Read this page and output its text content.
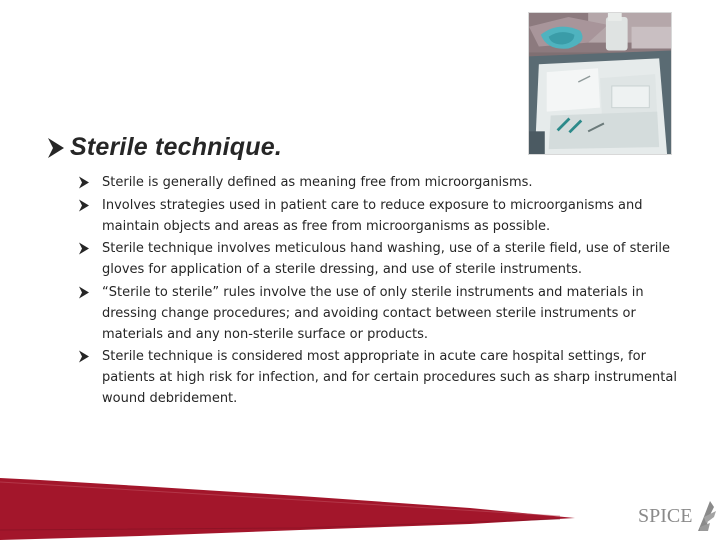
Sterile technique.
Sterile is generally defined as meaning free from microorganisms.
Involves strategies used in patient care to reduce exposure to microorganisms and maintain objects and areas as free from microorganisms as possible.
Sterile technique involves meticulous hand washing, use of a sterile field, use of sterile gloves for application of a sterile dressing, and use of sterile instruments.
“Sterile to sterile” rules involve the use of only sterile instruments and materials in dressing change procedures; and avoiding contact between sterile instruments or materials and any non-sterile surface or products.
Sterile technique is considered most appropriate in acute care hospital settings, for patients at high risk for infection, and for certain procedures such as sharp instrumental wound debridement.
SPICE
